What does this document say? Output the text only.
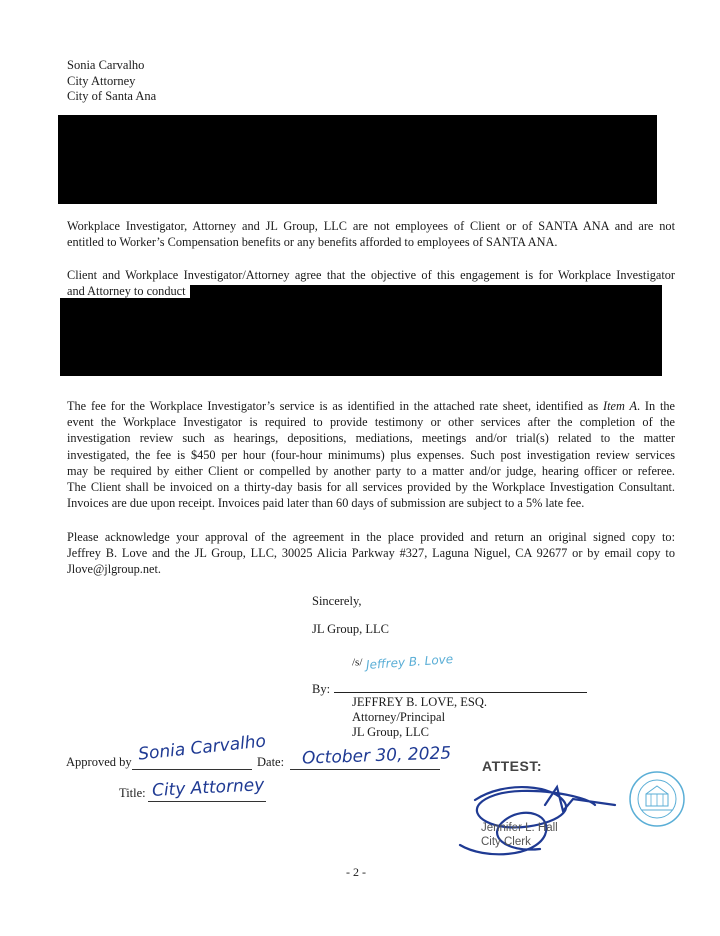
Sonia Carvalho
City Attorney
City of Santa Ana
Workplace Investigator, Attorney and JL Group, LLC are not employees of Client or of SANTA ANA and are not
entitled to Worker’s Compensation benefits or any benefits afforded to employees of SANTA ANA.
Client and Workplace Investigator/Attorney agree that the objective of this engagement is for Workplace Investigator
and Attorney to conduct
The fee for the Workplace Investigator’s service is as identified in the attached rate sheet, identified as Item A. In the
event the Workplace Investigator is required to provide testimony or other services after the completion of the
investigation review such as hearings, depositions, mediations, meetings and/or trial(s) related to the matter
investigated, the fee is $450 per hour (four-hour minimums) plus expenses. Such post investigation review services
may be required by either Client or compelled by another party to a matter and/or judge, hearing officer or referee.
The Client shall be invoiced on a thirty-day basis for all services provided by the Workplace Investigation Consultant.
Invoices are due upon receipt. Invoices paid later than 60 days of submission are subject to a 5% late fee.
Please acknowledge your approval of the agreement in the place provided and return an original signed copy to:
Jeffrey B. Love and the JL Group, LLC, 30025 Alicia Parkway #327, Laguna Niguel, CA 92677 or by email copy to
Jlove@jlgroup.net.
Sincerely,
JL Group, LLC
/s/ Jeffrey B. Love
By:
JEFFREY B. LOVE, ESQ.
Attorney/Principal
JL Group, LLC
Approved by Sonia Carvalho
Date: October 30, 2025
Title: City Attorney
ATTEST:
Jennifer L. Hall
City Clerk
- 2 -
